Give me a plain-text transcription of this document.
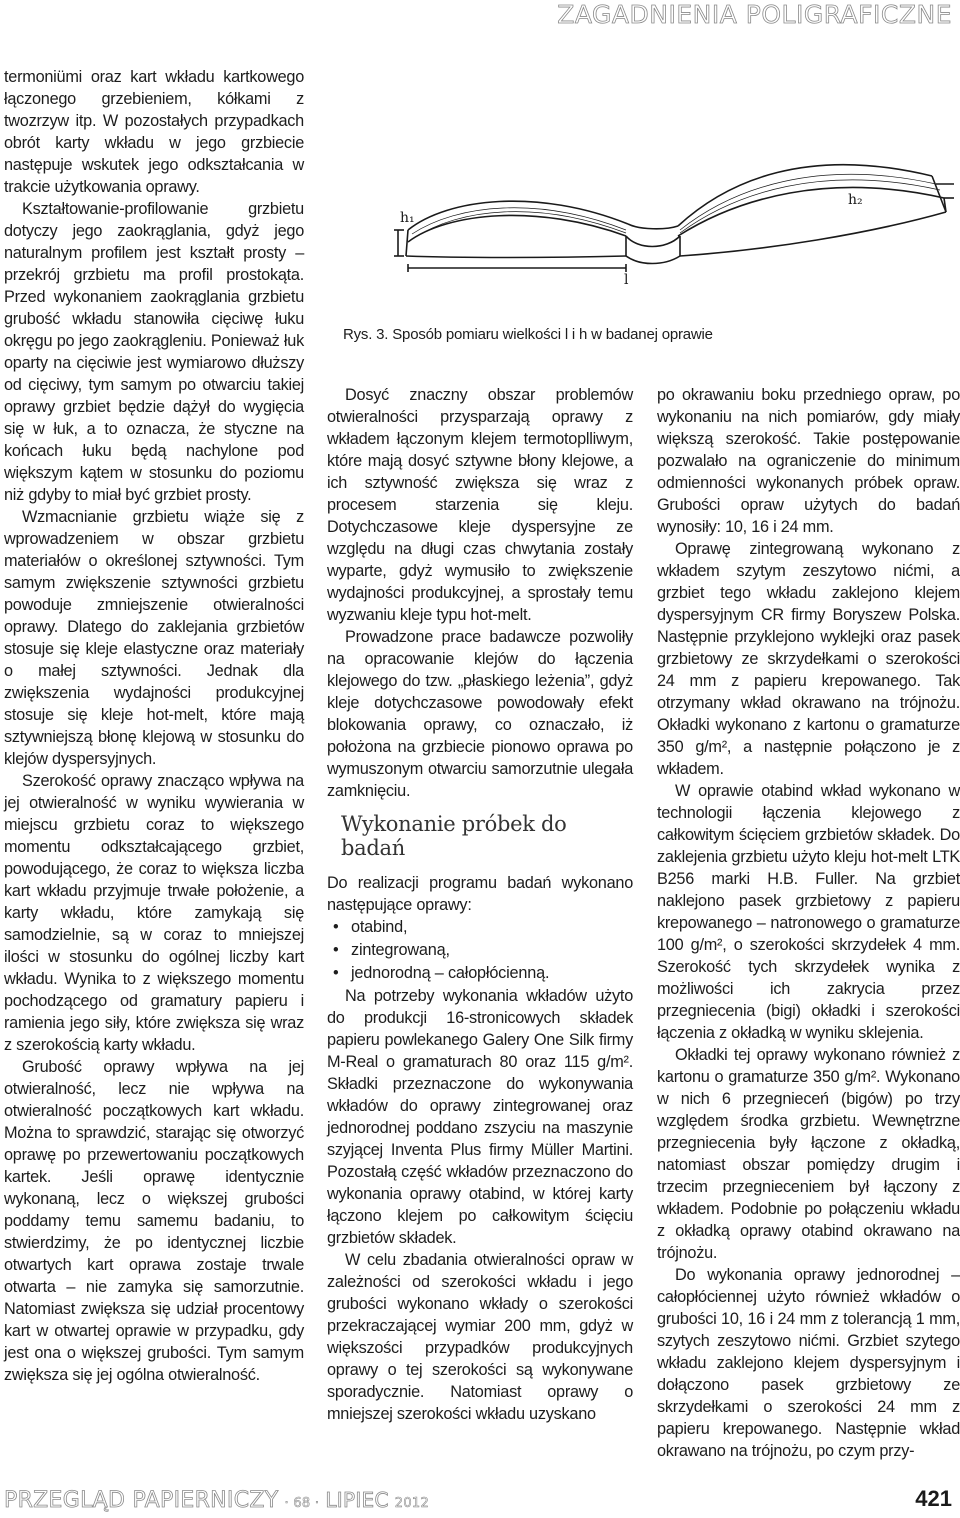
ZAGADNIENIA POLIGRAFICZNE

termoniümi oraz kart wkładu kartkowego łączonego grzebieniem, kółkami z twozrzyw itp. W pozostałych przypadkach obrót karty wkładu w jego grzbiecie następuje wskutek jego odkształcania w trakcie użytkowania oprawy.

Kształtowanie-profilowanie grzbietu dotyczy jego zaokrąglania, gdyż jego naturalnym profilem jest kształt prosty – przekrój grzbietu ma profil prostokąta. Przed wykonaniem zaokrąglania grzbietu grubość wkładu stanowiła cięciwę łuku okręgu po jego zaokrągleniu. Ponieważ łuk oparty na cięciwie jest wymiarowo dłuższy od cięciwy, tym samym po otwarciu takiej oprawy grzbiet będzie dążył do wygięcia się w łuk, a to oznacza, że styczne na końcach łuku będą nachylone pod większym kątem w stosunku do poziomu niż gdyby to miał być grzbiet prosty.

Wzmacnianie grzbietu wiąże się z wprowadzeniem w obszar grzbietu materiałów o określonej sztywności. Tym samym zwiększenie sztywności grzbietu powoduje zmniejszenie otwieralności oprawy. Dlatego do zaklejania grzbietów stosuje się kleje elastyczne oraz materiały o małej sztywności. Jednak dla zwiększenia wydajności produkcyjnej stosuje się kleje hot-melt, które mają sztywniejszą błonę klejową w stosunku do klejów dyspersyjnych.

Szerokość oprawy znacząco wpływa na jej otwieralność w wyniku wywierania w miejscu grzbietu coraz to większego momentu odkształcającego grzbiet, powodującego, że coraz to większa liczba kart wkładu przyjmuje trwałe położenie, a karty wkładu, które zamykają się samodzielnie, są w coraz to mniejszej ilości w stosunku do ogólnej liczby kart wkładu. Wynika to z większego momentu pochodzącego od gramatury papieru i ramienia jego siły, które zwiększa się wraz z szerokością karty wkładu.

Grubość oprawy wpływa na jej otwieralność, lecz nie wpływa na otwieralność początkowych kart wkładu. Można to sprawdzić, starając się otworzyć oprawę po przewertowaniu początkowych kartek. Jeśli oprawę identycznie wykonaną, lecz o większej grubości poddamy temu samemu badaniu, to stwierdzimy, że po identycznej liczbie otwartych kart oprawa zostaje trwale otwarta – nie zamyka się samorzutnie. Natomiast zwiększa się udział procentowy kart w otwartej oprawie w przypadku, gdy jest ona o większej grubości. Tym samym zwiększa się jej ogólna otwieralność.

h₁
h₂
l
Rys. 3. Sposób pomiaru wielkości l i h w badanej oprawie

Dosyć znaczny obszar problemów otwieralności przysparzają oprawy z wkładem łączonym klejem termotoplliwym, które mają dosyć sztywne błony klejowe, a ich sztywność zwiększa się wraz z procesem starzenia się kleju. Dotychczasowe kleje dyspersyjne ze względu na długi czas chwytania zostały wyparte, gdyż wymusiło to zwiększenie wydajności produkcyjnej, a sprostały temu wyzwaniu kleje typu hot-melt.

Prowadzone prace badawcze pozwoliły na opracowanie klejów do łączenia klejowego do tzw. „płaskiego leżenia”, gdyż kleje dotychczasowe powodowały efekt blokowania oprawy, co oznaczało, iż położona na grzbiecie pionowo oprawa po wymuszonym otwarciu samorzutnie ulegała zamknięciu.

Wykonanie próbek do badań

Do realizacji programu badań wykonano następujące oprawy:

• otabind,
• zintegrowaną,
• jednorodną – całopłócienną.

Na potrzeby wykonania wkładów użyto do produkcji 16-stronicowych składek papieru powlekanego Galery One Silk firmy M-Real o gramaturach 80 oraz 115 g/m². Składki przeznaczone do wykonywania wkładów do oprawy zintegrowanej oraz jednorodnej poddano zszyciu na maszynie szyjącej Inventa Plus firmy Müller Martini. Pozostałą część wkładów przeznaczono do wykonania oprawy otabind, w której karty łączono klejem po całkowitym ścięciu grzbietów składek.

W celu zbadania otwieralności opraw w zależności od szerokości wkładu i jego grubości wykonano wkłady o szerokości przekraczającej wymiar 200 mm, gdyż w większości przypadków produkcyjnych oprawy o tej szerokości są wykonywane sporadycznie. Natomiast oprawy o mniejszej szerokości wkładu uzyskano

po okrawaniu boku przedniego opraw, po wykonaniu na nich pomiarów, gdy miały większą szerokość. Takie postępowanie pozwalało na ograniczenie do minimum odmienności wykonanych próbek opraw. Grubości opraw użytych do badań wynosiły: 10, 16 i 24 mm.

Oprawę zintegrowaną wykonano z wkładem szytym zeszytowo nićmi, a grzbiet tego wkładu zaklejono klejem dyspersyjnym CR firmy Boryszew Polska. Następnie przyklejono wyklejki oraz pasek grzbietowy ze skrzydełkami o szerokości 24 mm z papieru krepowanego. Tak otrzymany wkład okrawano na trójnożu. Okładki wykonano z kartonu o gramaturze 350 g/m², a następnie połączono je z wkładem.

W oprawie otabind wkład wykonano w technologii łączenia klejowego z całkowitym ścięciem grzbietów składek. Do zaklejenia grzbietu użyto kleju hot-melt LTK B256 marki H.B. Fuller. Na grzbiet naklejono pasek grzbietowy z papieru krepowanego – natronowego o gramaturze 100 g/m², o szerokości skrzydełek 4 mm. Szerokość tych skrzydełek wynika z możliwości ich zakrycia przez przegniecenia (bigi) okładki i szerokości łączenia z okładką w wyniku sklejenia.

Okładki tej oprawy wykonano również z kartonu o gramaturze 350 g/m². Wykonano w nich 6 przegnieceń (bigów) po trzy względem środka grzbietu. Wewnętrzne przegniecenia były łączone z okładką, natomiast obszar pomiędzy drugim i trzecim przegnieceniem był łączony z wkładem. Podobnie po połączeniu wkładu z okładką oprawy otabind okrawano na trójnożu.

Do wykonania oprawy jednorodnej – całopłóciennej użyto również wkładów o grubości 10, 16 i 24 mm z tolerancją 1 mm, szytych zeszytowo nićmi. Grzbiet szytego wkładu zaklejono klejem dyspersyjnym i dołączono pasek grzbietowy ze skrzydełkami o szerokości 24 mm z papieru krepowanego. Następnie wkład okrawano na trójnożu, po czym przy-

PRZEGLĄD PAPIERNICZY · 68 · LIPIEC 2012	421
